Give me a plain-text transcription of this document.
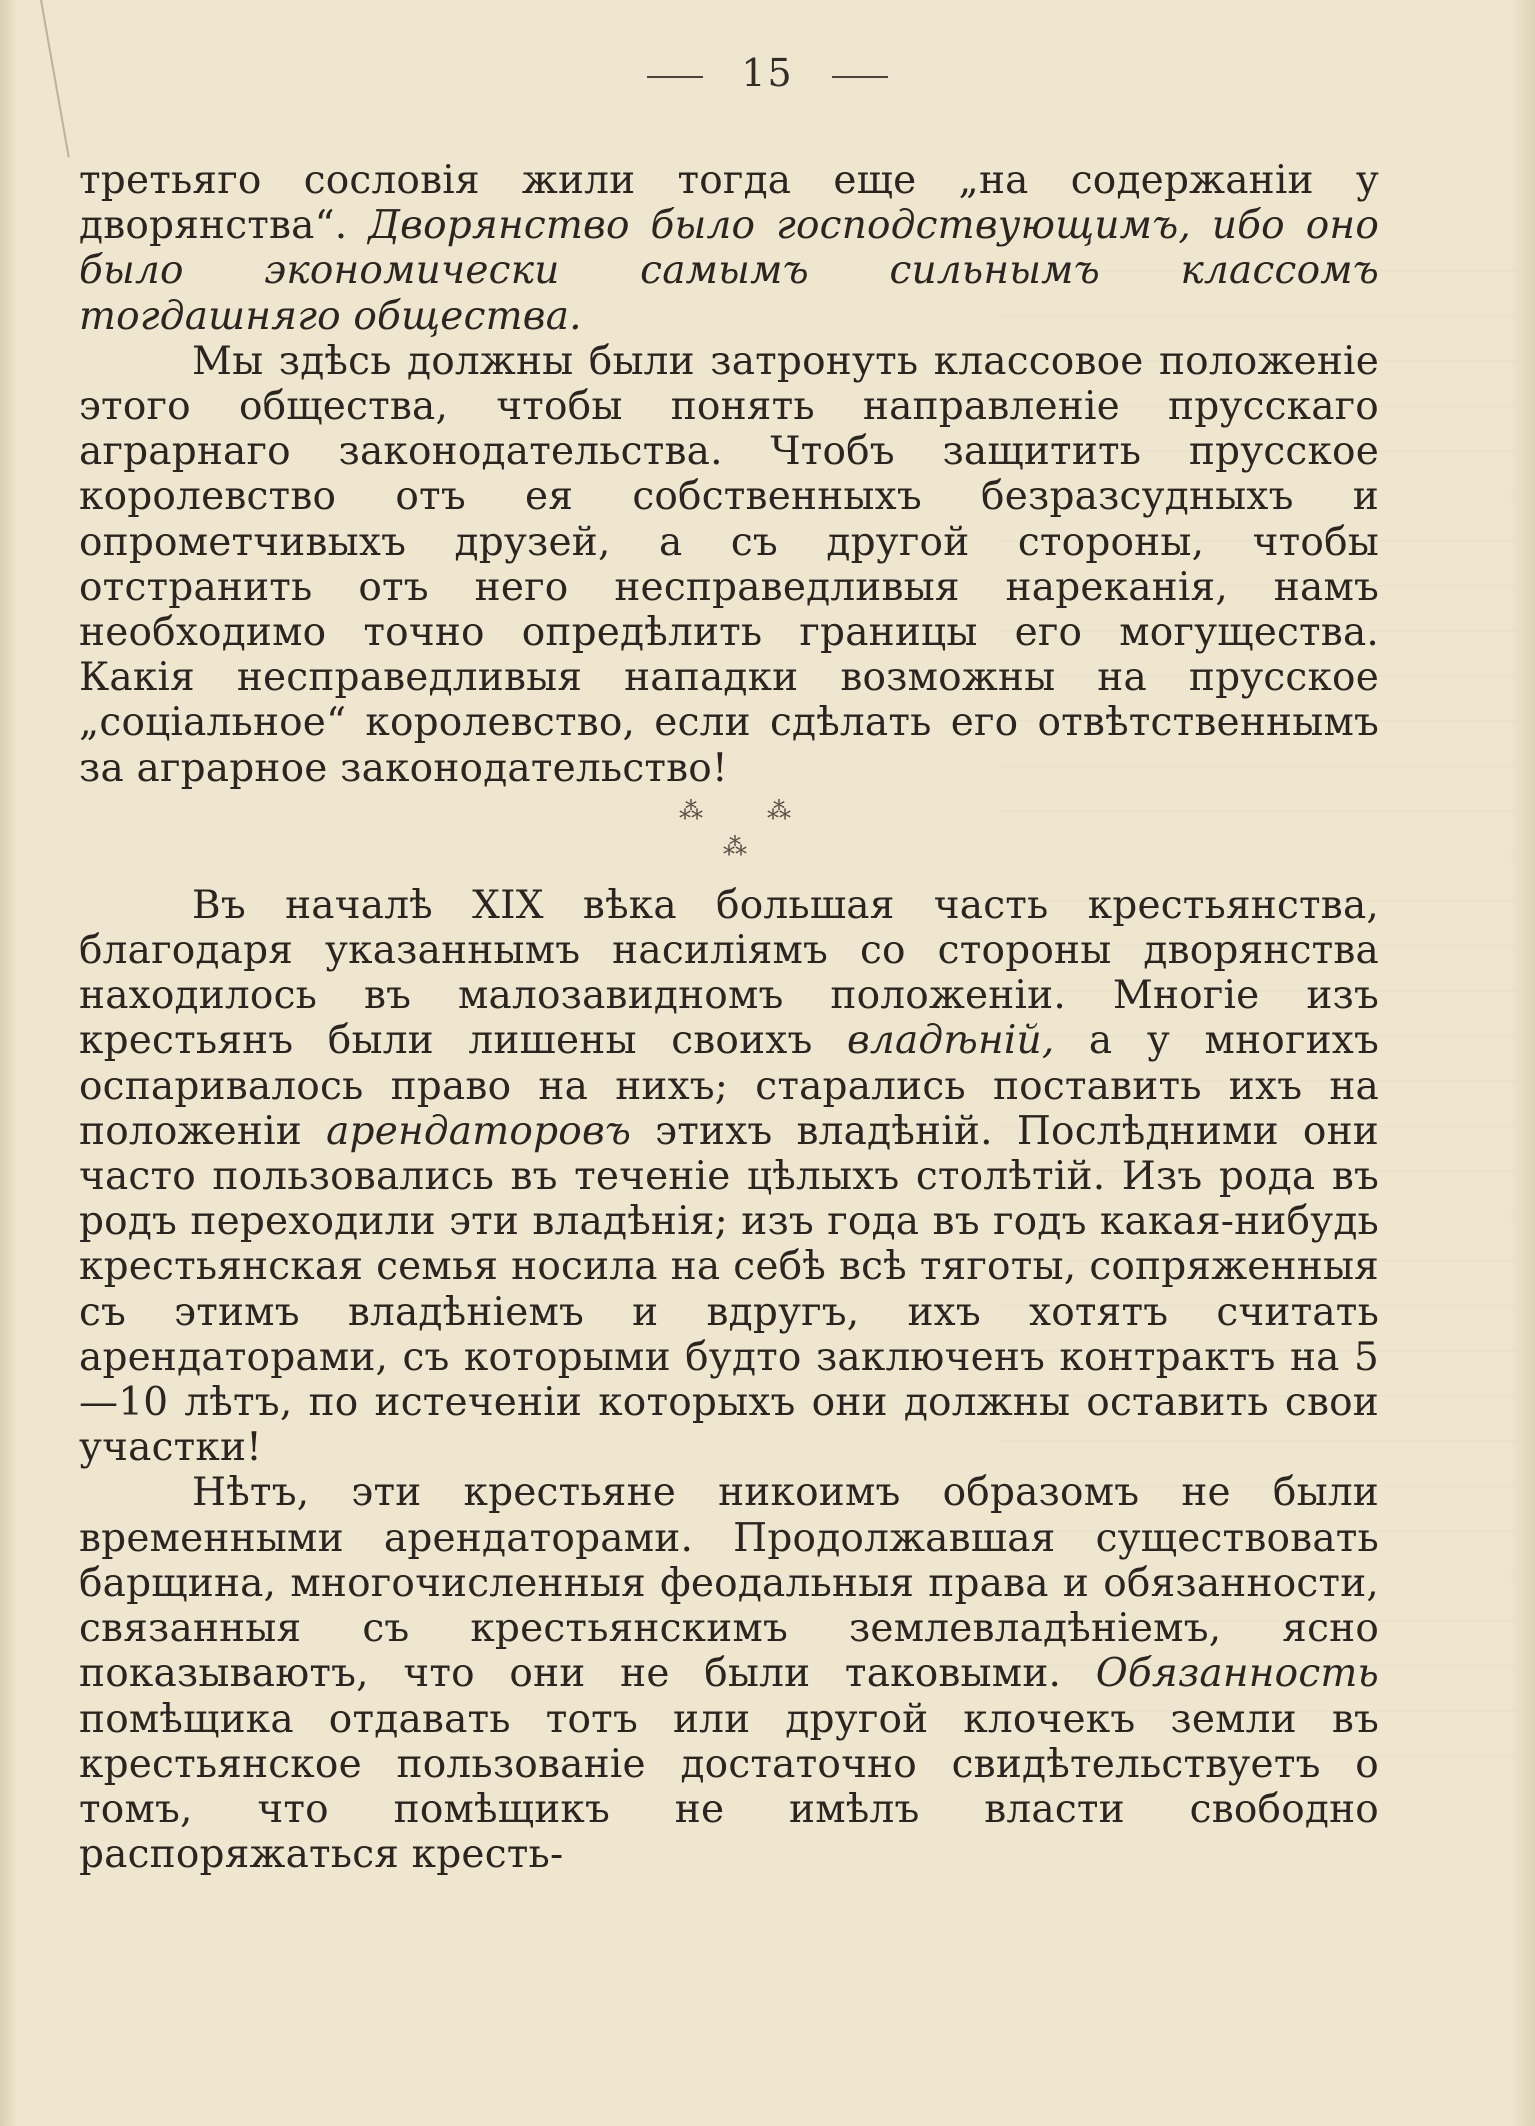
15

третьяго сословія жили тогда еще „на содержаніи у дворянства“. Дворянство было господствующимъ, ибо оно было экономически самымъ сильнымъ классомъ тогдашняго общества.

Мы здѣсь должны были затронуть классовое положеніе этого общества, чтобы понять направленіе прусскаго аграрнаго законодательства. Чтобъ защитить прусское королевство отъ ея собственныхъ безразсудныхъ и опрометчивыхъ друзей, а съ другой стороны, чтобы отстранить отъ него несправедливыя нареканія, намъ необходимо точно опредѣлить границы его могущества. Какія несправедливыя нападки возможны на прусское „соціальное“ королевство, если сдѣлать его отвѣтственнымъ за аграрное законодательство!

⁂	⁂
⁂

Въ началѣ XIX вѣка большая часть крестьянства, благодаря указаннымъ насиліямъ со стороны дворянства находилось въ малозавидномъ положеніи. Многіе изъ крестьянъ были лишены своихъ владѣній, а у многихъ оспаривалось право на нихъ; старались поставить ихъ на положеніи арендаторовъ этихъ владѣній. Послѣдними они часто пользовались въ теченіе цѣлыхъ столѣтій. Изъ рода въ родъ переходили эти владѣнія; изъ года въ годъ какая-нибудь крестьянская семья носила на себѣ всѣ тяготы, сопряженныя съ этимъ владѣніемъ и вдругъ, ихъ хотятъ считать арендаторами, съ которыми будто заключенъ контрактъ на 5—10 лѣтъ, по истеченіи которыхъ они должны оставить свои участки!

Нѣтъ, эти крестьяне никоимъ образомъ не были временными арендаторами. Продолжавшая существовать барщина, многочисленныя феодальныя права и обязанности, связанныя съ крестьянскимъ землевладѣніемъ, ясно показываютъ, что они не были таковыми. Обязанность помѣщика отдавать тотъ или другой клочекъ земли въ крестьянское пользованіе достаточно свидѣтельствуетъ о томъ, что помѣщикъ не имѣлъ власти свободно распоряжаться кресть-
